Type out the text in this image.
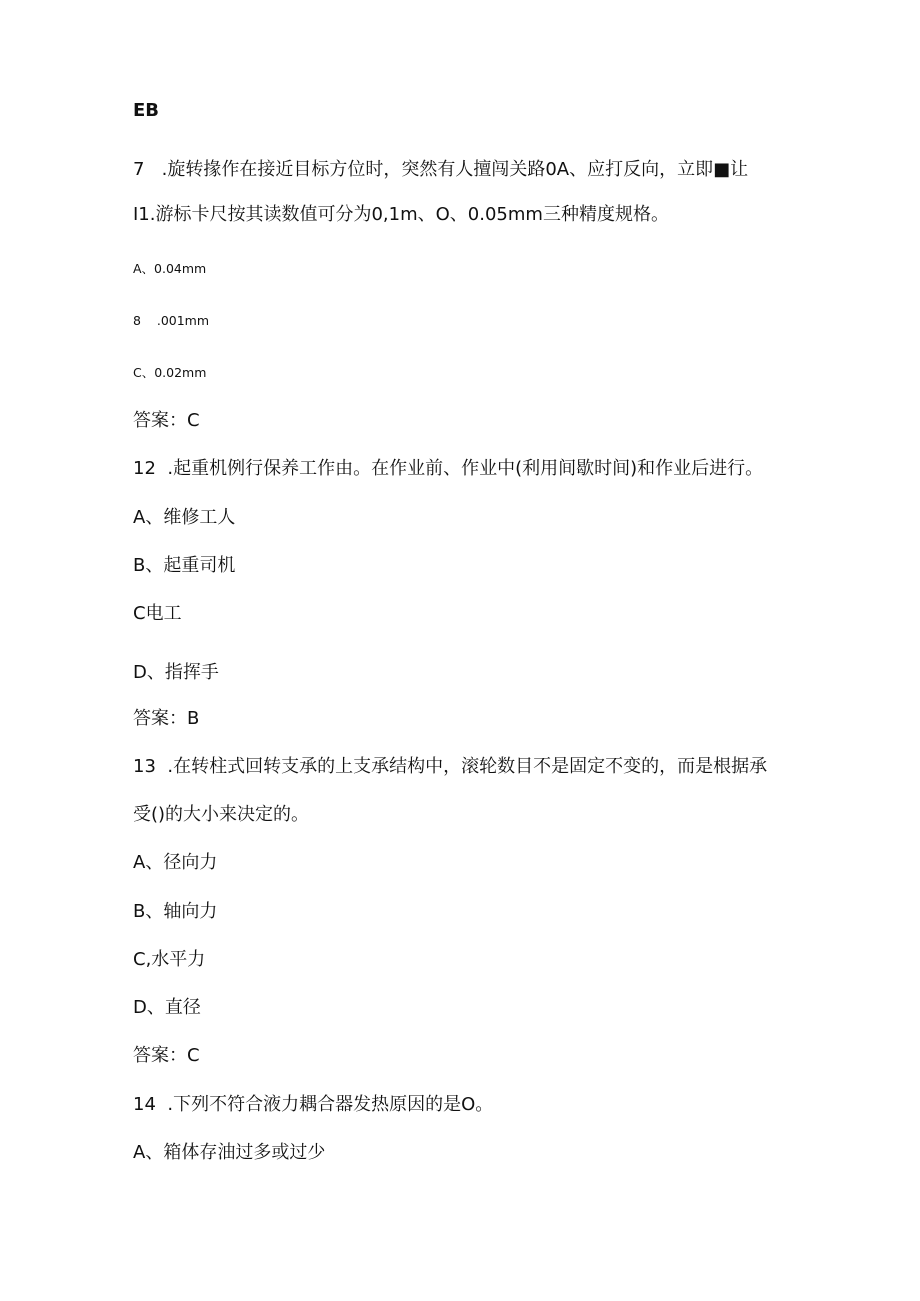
EB
7   .旋转掾作在接近目标方位时，突然有人擅闯关路0A、应打反向，立即■让
I1.游标卡尺按其读数值可分为0,1m、O、0.05mm三种精度规格。
A、0.04mm
8    .001mm
C、0.02mm
答案：C
12  .起重机例行保养工作由。在作业前、作业中(利用间歇时间)和作业后进行。
A、维修工人
B、起重司机
C电工
D、指挥手
答案：B
13  .在转柱式回转支承的上支承结构中，滚轮数目不是固定不变的，而是根据承
受()的大小来决定的。
A、径向力
B、轴向力
C,水平力
D、直径
答案：C
14  .下列不符合液力耦合器发热原因的是O。
A、箱体存油过多或过少
